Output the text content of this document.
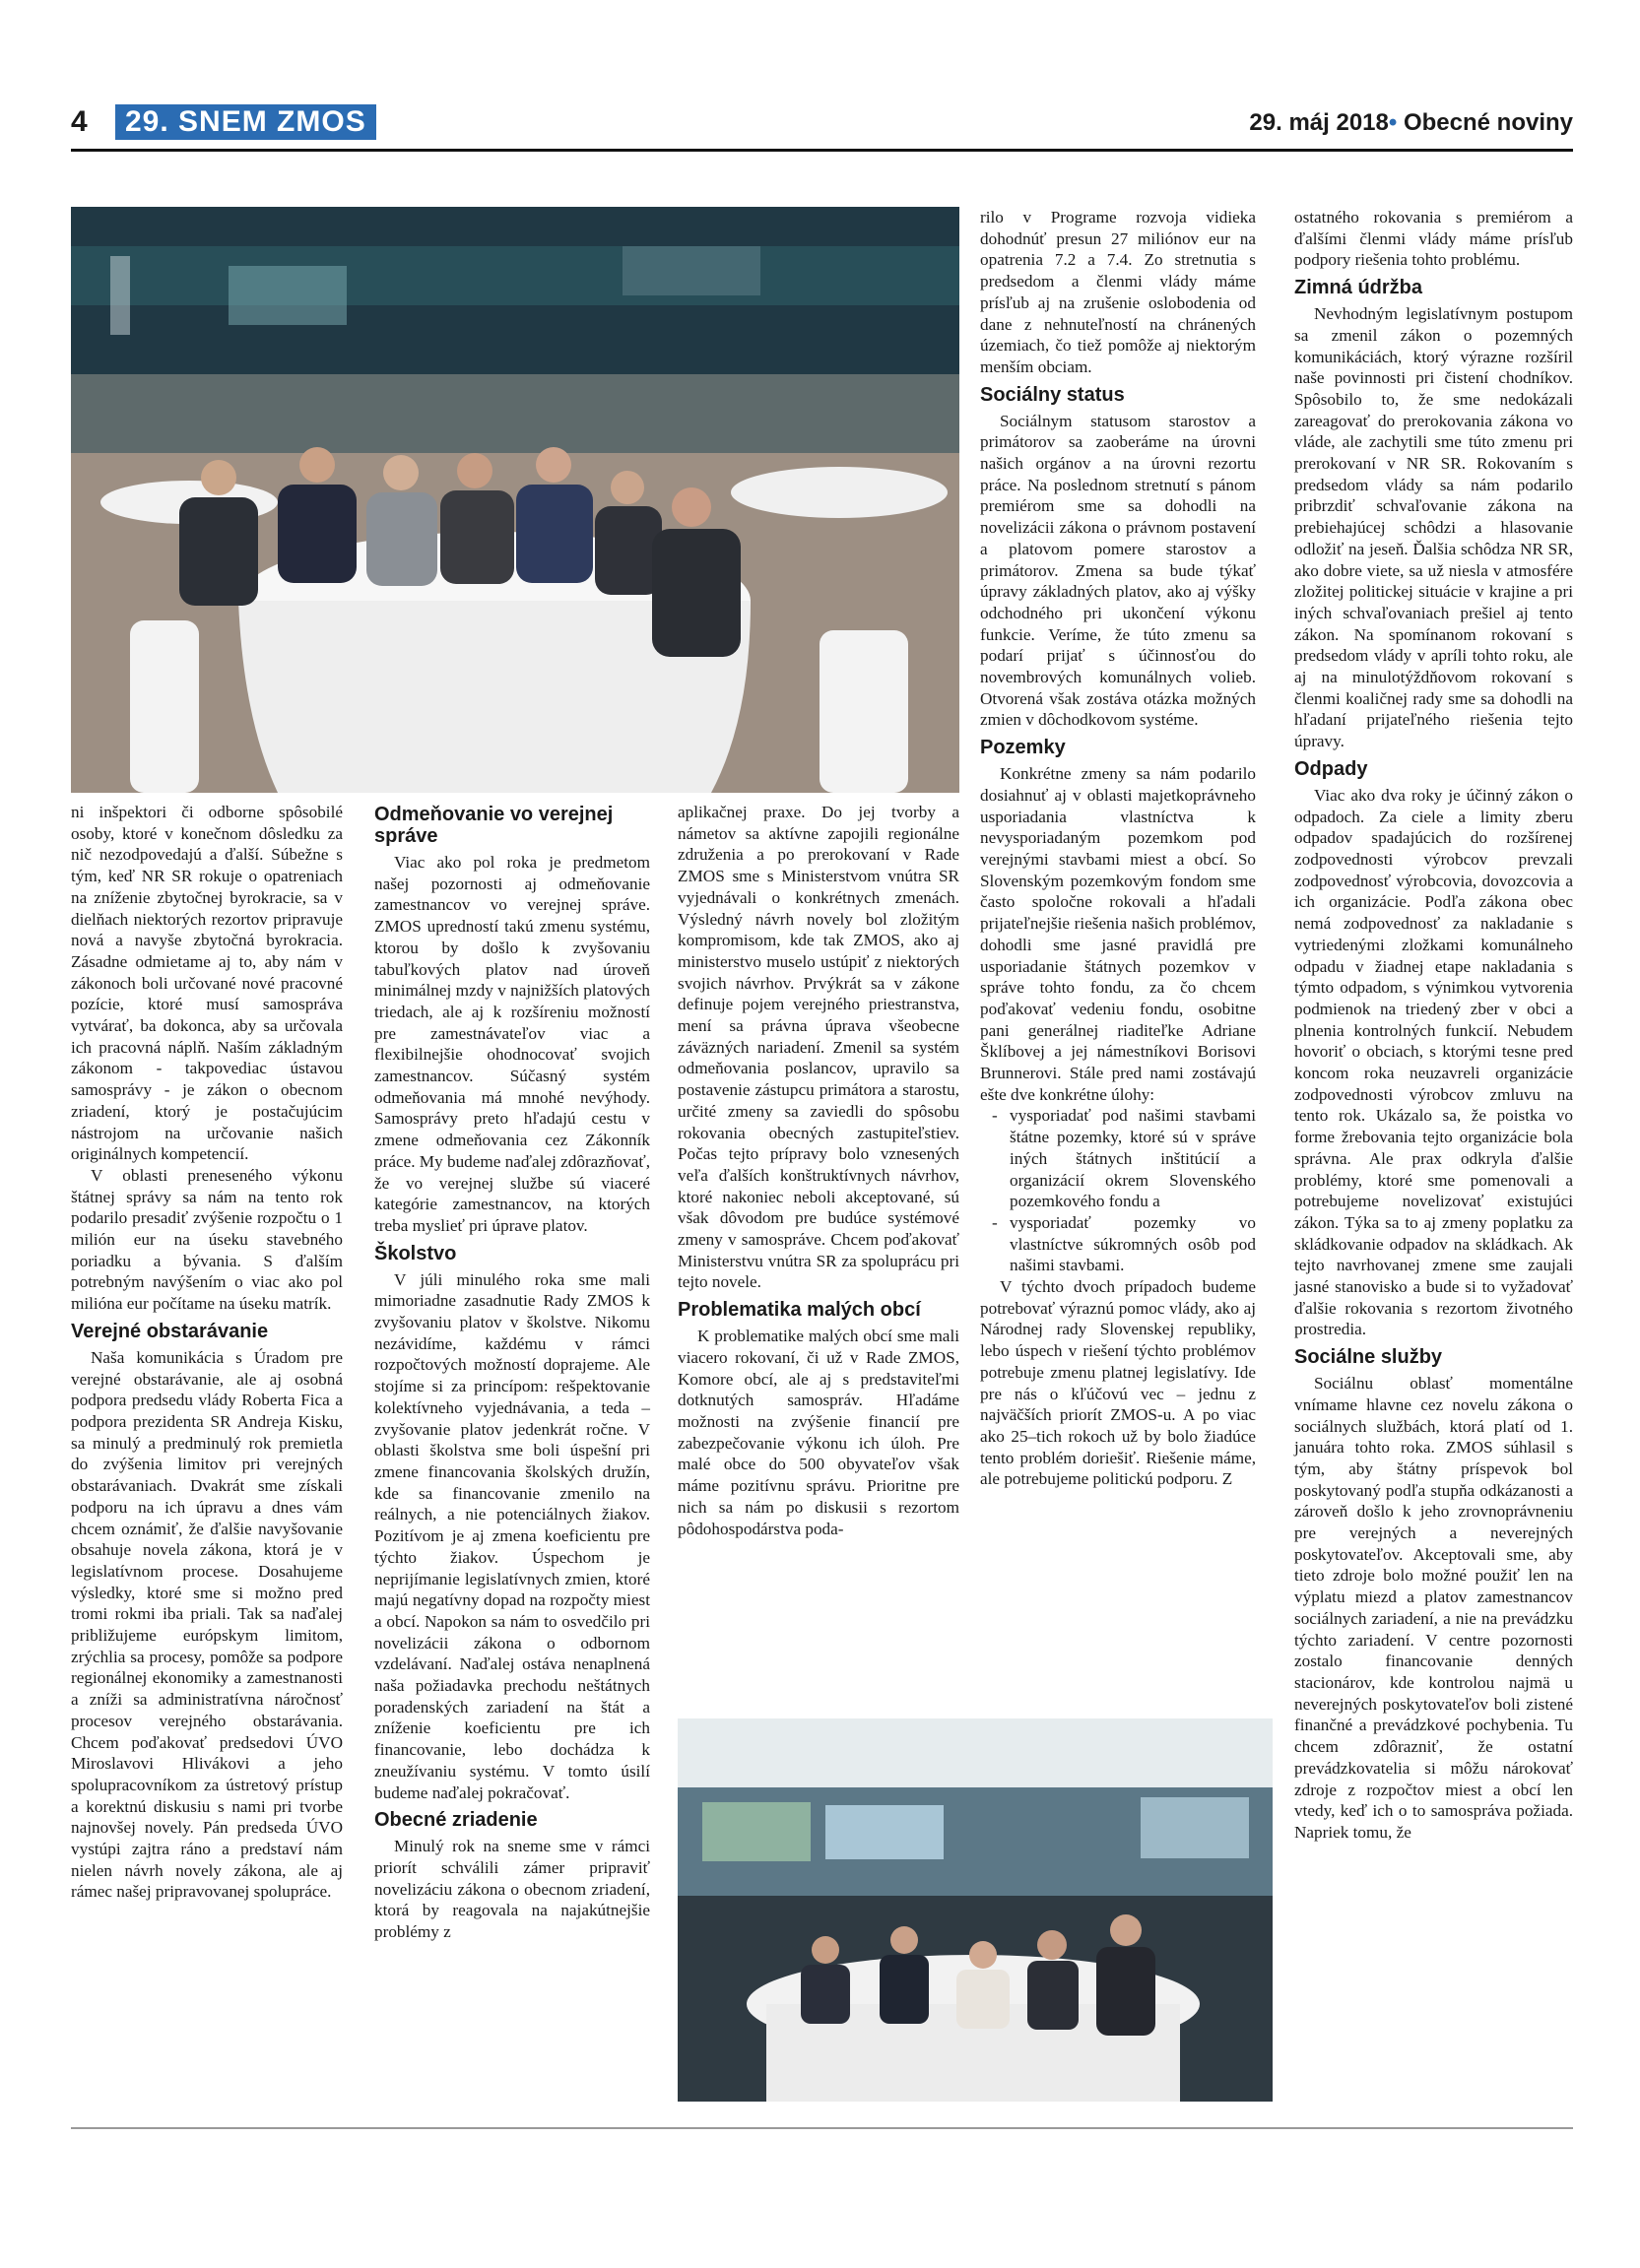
4	29. SNEM ZMOS	29. máj 2018• Obecné noviny

ni inšpektori či odborne spôsobilé osoby, ktoré v konečnom dôsledku za nič nezodpovedajú a ďalší. Súbežne s tým, keď NR SR rokuje o opatreniach na zníženie zbytočnej byrokracie, sa v dielňach niektorých rezortov pripravuje nová a navyše zbytočná byrokracia. Zásadne odmietame aj to, aby nám v zákonoch boli určované nové pracovné pozície, ktoré musí samospráva vytvárať, ba dokonca, aby sa určovala ich pracovná náplň. Naším základným zákonom - takpovediac ústavou samosprávy - je zákon o obecnom zriadení, ktorý je postačujúcim nástrojom na určovanie našich originálnych kompetencií.

V oblasti preneseného výkonu štátnej správy sa nám na tento rok podarilo presadiť zvýšenie rozpočtu o 1 milión eur na úseku stavebného poriadku a bývania. S ďalším potrebným navýšením o viac ako pol milióna eur počítame na úseku matrík.

Verejné obstarávanie

Naša komunikácia s Úradom pre verejné obstarávanie, ale aj osobná podpora predsedu vlády Roberta Fica a podpora prezidenta SR Andreja Kisku, sa minulý a predminulý rok premietla do zvýšenia limitov pri verejných obstarávaniach. Dvakrát sme získali podporu na ich úpravu a dnes vám chcem oznámiť, že ďalšie navyšovanie obsahuje novela zákona, ktorá je v legislatívnom procese. Dosahujeme výsledky, ktoré sme si možno pred tromi rokmi iba priali. Tak sa naďalej približujeme európskym limitom, zrýchlia sa procesy, pomôže sa podpore regionálnej ekonomiky a zamestnanosti a zníži sa administratívna náročnosť procesov verejného obstarávania. Chcem poďakovať predsedovi ÚVO Miroslavovi Hlivákovi a jeho spolupracovníkom za ústretový prístup a korektnú diskusiu s nami pri tvorbe najnovšej novely. Pán predseda ÚVO vystúpi zajtra ráno a predstaví nám nielen návrh novely zákona, ale aj rámec našej pripravovanej spolupráce.

Odmeňovanie vo verejnej správe

Viac ako pol roka je predmetom našej pozornosti aj odmeňovanie zamestnancov vo verejnej správe. ZMOS upredností takú zmenu systému, ktorou by došlo k zvyšovaniu tabuľkových platov nad úroveň minimálnej mzdy v najnižších platových triedach, ale aj k rozšíreniu možností pre zamestnávateľov viac a flexibilnejšie ohodnocovať svojich zamestnancov. Súčasný systém odmeňovania má mnohé nevýhody. Samosprávy preto hľadajú cestu v zmene odmeňovania cez Zákonník práce. My budeme naďalej zdôrazňovať, že vo verejnej službe sú viaceré kategórie zamestnancov, na ktorých treba myslieť pri úprave platov.

Školstvo

V júli minulého roka sme mali mimoriadne zasadnutie Rady ZMOS k zvyšovaniu platov v školstve. Nikomu nezávidíme, každému v rámci rozpočtových možností doprajeme. Ale stojíme si za princípom: rešpektovanie kolektívneho vyjednávania, a teda – zvyšovanie platov jedenkrát ročne. V oblasti školstva sme boli úspešní pri zmene financovania školských družín, kde sa financovanie zmenilo na reálnych, a nie potenciálnych žiakov. Pozitívom je aj zmena koeficientu pre týchto žiakov. Úspechom je neprijímanie legislatívnych zmien, ktoré majú negatívny dopad na rozpočty miest a obcí. Napokon sa nám to osvedčilo pri novelizácii zákona o odbornom vzdelávaní. Naďalej ostáva nenaplnená naša požiadavka prechodu neštátnych poradenských zariadení na štát a zníženie koeficientu pre ich financovanie, lebo dochádza k zneužívaniu systému. V tomto úsilí budeme naďalej pokračovať.

Obecné zriadenie

Minulý rok na sneme sme v rámci priorít schválili zámer pripraviť novelizáciu zákona o obecnom zriadení, ktorá by reagovala na najakútnejšie problémy z

aplikačnej praxe. Do jej tvorby a námetov sa aktívne zapojili regionálne združenia a po prerokovaní v Rade ZMOS sme s Ministerstvom vnútra SR vyjednávali o konkrétnych zmenách. Výsledný návrh novely bol zložitým kompromisom, kde tak ZMOS, ako aj ministerstvo muselo ustúpiť z niektorých svojich návrhov. Prvýkrát sa v zákone definuje pojem verejného priestranstva, mení sa právna úprava všeobecne záväzných nariadení. Zmenil sa systém odmeňovania poslancov, upravilo sa postavenie zástupcu primátora a starostu, určité zmeny sa zaviedli do spôsobu rokovania obecných zastupiteľstiev. Počas tejto prípravy bolo vznesených veľa ďalších konštruktívnych návrhov, ktoré nakoniec neboli akceptované, sú však dôvodom pre budúce systémové zmeny v samospráve. Chcem poďakovať Ministerstvu vnútra SR za spoluprácu pri tejto novele.

Problematika malých obcí

K problematike malých obcí sme mali viacero rokovaní, či už v Rade ZMOS, Komore obcí, ale aj s predstaviteľmi dotknutých samospráv. Hľadáme možnosti na zvýšenie financií pre zabezpečovanie výkonu ich úloh. Pre malé obce do 500 obyvateľov však máme pozitívnu správu. Prioritne pre nich sa nám po diskusii s rezortom pôdohospodárstva poda-

rilo v Programe rozvoja vidieka dohodnúť presun 27 miliónov eur na opatrenia 7.2 a 7.4. Zo stretnutia s predsedom a členmi vlády máme prísľub aj na zrušenie oslobodenia od dane z nehnuteľností na chránených územiach, čo tiež pomôže aj niektorým menším obciam.

Sociálny status

Sociálnym statusom starostov a primátorov sa zaoberáme na úrovni našich orgánov a na úrovni rezortu práce. Na poslednom stretnutí s pánom premiérom sme sa dohodli na novelizácii zákona o právnom postavení a platovom pomere starostov a primátorov. Zmena sa bude týkať úpravy základných platov, ako aj výšky odchodného pri ukončení výkonu funkcie. Veríme, že túto zmenu sa podarí prijať s účinnosťou do novembrových komunálnych volieb. Otvorená však zostáva otázka možných zmien v dôchodkovom systéme.

Pozemky

Konkrétne zmeny sa nám podarilo dosiahnuť aj v oblasti majetkoprávneho usporiadania vlastníctva k nevysporiadaným pozemkom pod verejnými stavbami miest a obcí. So Slovenským pozemkovým fondom sme často spoločne rokovali a hľadali prijateľnejšie riešenia našich problémov, dohodli sme jasné pravidlá pre usporiadanie štátnych pozemkov v správe tohto fondu, za čo chcem poďakovať vedeniu fondu, osobitne pani generálnej riaditeľke Adriane Šklíbovej a jej námestníkovi Borisovi Brunnerovi. Stále pred nami zostávajú ešte dve konkrétne úlohy:

- vysporiadať pod našimi stavbami štátne pozemky, ktoré sú v správe iných štátnych inštitúcií a organizácií okrem Slovenského pozemkového fondu a
- vysporiadať pozemky vo vlastníctve súkromných osôb pod našimi stavbami.

V týchto dvoch prípadoch budeme potrebovať výraznú pomoc vlády, ako aj Národnej rady Slovenskej republiky, lebo úspech v riešení týchto problémov potrebuje zmenu platnej legislatívy. Ide pre nás o kľúčovú vec – jednu z najväčších priorít ZMOS-u. A po viac ako 25–tich rokoch už by bolo žiadúce tento problém doriešiť. Riešenie máme, ale potrebujeme politickú podporu. Z

ostatného rokovania s premiérom a ďalšími členmi vlády máme prísľub podpory riešenia tohto problému.

Zimná údržba

Nevhodným legislatívnym postupom sa zmenil zákon o pozemných komunikáciách, ktorý výrazne rozšíril naše povinnosti pri čistení chodníkov. Spôsobilo to, že sme nedokázali zareagovať do prerokovania zákona vo vláde, ale zachytili sme túto zmenu pri prerokovaní v NR SR. Rokovaním s predsedom vlády sa nám podarilo pribrzdiť schvaľovanie zákona na prebiehajúcej schôdzi a hlasovanie odložiť na jeseň. Ďalšia schôdza NR SR, ako dobre viete, sa už niesla v atmosfére zložitej politickej situácie v krajine a pri iných schvaľovaniach prešiel aj tento zákon. Na spomínanom rokovaní s predsedom vlády v apríli tohto roku, ale aj na minulotýždňovom rokovaní s členmi koaličnej rady sme sa dohodli na hľadaní prijateľného riešenia tejto úpravy.

Odpady

Viac ako dva roky je účinný zákon o odpadoch. Za ciele a limity zberu odpadov spadajúcich do rozšírenej zodpovednosti výrobcov prevzali zodpovednosť výrobcovia, dovozcovia a ich organizácie. Podľa zákona obec nemá zodpovednosť za nakladanie s vytriedenými zložkami komunálneho odpadu v žiadnej etape nakladania s týmto odpadom, s výnimkou vytvorenia podmienok na triedený zber v obci a plnenia kontrolných funkcií. Nebudem hovoriť o obciach, s ktorými tesne pred koncom roka neuzavreli organizácie zodpovednosti výrobcov zmluvu na tento rok. Ukázalo sa, že poistka vo forme žrebovania tejto organizácie bola správna. Ale prax odkryla ďalšie problémy, ktoré sme pomenovali a potrebujeme novelizovať existujúci zákon. Týka sa to aj zmeny poplatku za skládkovanie odpadov na skládkach. Ak tejto navrhovanej zmene sme zaujali jasné stanovisko a bude si to vyžadovať ďalšie rokovania s rezortom životného prostredia.

Sociálne služby

Sociálnu oblasť momentálne vnímame hlavne cez novelu zákona o sociálnych službách, ktorá platí od 1. januára tohto roka. ZMOS súhlasil s tým, aby štátny príspevok bol poskytovaný podľa stupňa odkázanosti a zároveň došlo k jeho zrovnoprávneniu pre verejných a neverejných poskytovateľov. Akceptovali sme, aby tieto zdroje bolo možné použiť len na výplatu miezd a platov zamestnancov sociálnych zariadení, a nie na prevádzku týchto zariadení. V centre pozornosti zostalo financovanie denných stacionárov, kde kontrolou najmä u neverejných poskytovateľov boli zistené finančné a prevádzkové pochybenia. Tu chcem zdôrazniť, že ostatní prevádzkovatelia si môžu nárokovať zdroje z rozpočtov miest a obcí len vtedy, keď ich o to samospráva požiada. Napriek tomu, že
